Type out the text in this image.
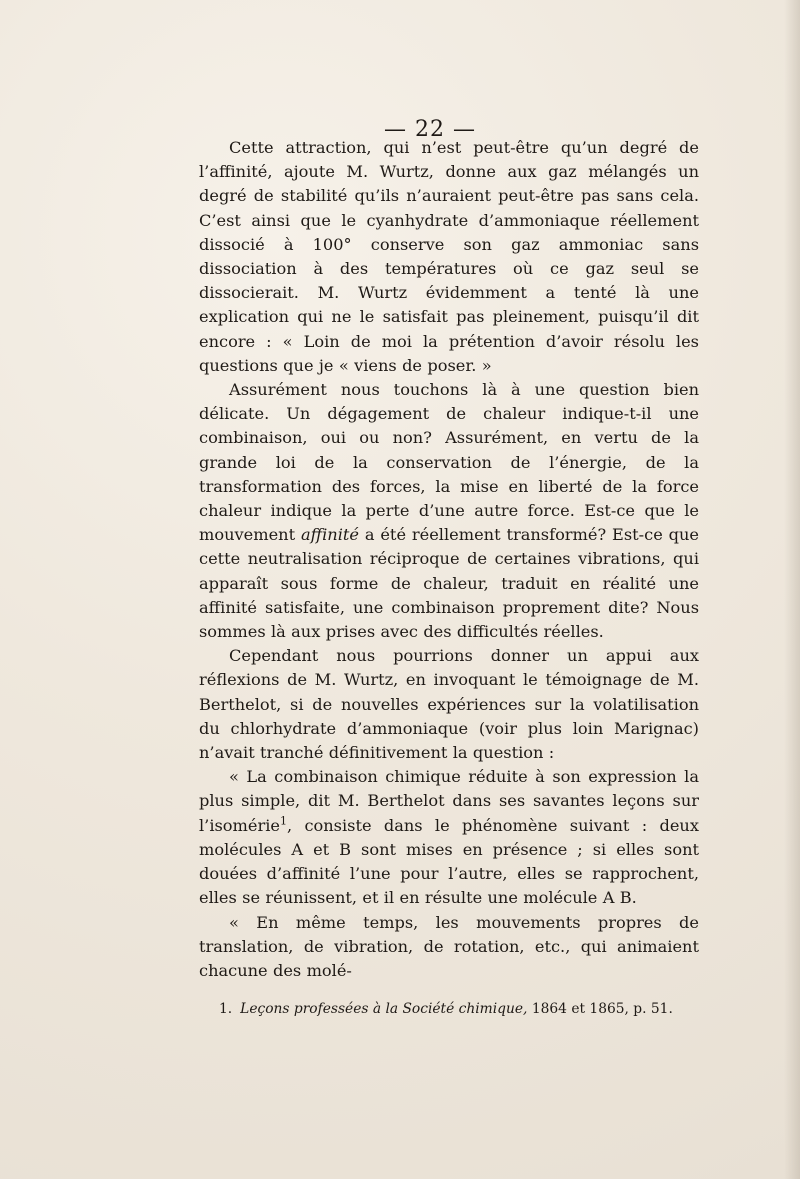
— 22 —

Cette attraction, qui n’est peut-être qu’un degré de l’affinité, ajoute M. Wurtz, donne aux gaz mélangés un degré de stabilité qu’ils n’auraient peut-être pas sans cela. C’est ainsi que le cyanhydrate d’ammoniaque réellement dissocié à 100° conserve son gaz ammoniac sans dissociation à des températures où ce gaz seul se dissocierait. M. Wurtz évidemment a tenté là une explication qui ne le satisfait pas pleinement, puisqu’il dit encore : « Loin de moi la prétention d’avoir résolu les questions que je « viens de poser. »

Assurément nous touchons là à une question bien délicate. Un dégagement de chaleur indique-t-il une combinaison, oui ou non? Assurément, en vertu de la grande loi de la conservation de l’énergie, de la transformation des forces, la mise en liberté de la force chaleur indique la perte d’une autre force. Est-ce que le mouvement affinité a été réellement transformé? Est-ce que cette neutralisation réciproque de certaines vibrations, qui apparaît sous forme de chaleur, traduit en réalité une affinité satisfaite, une combinaison proprement dite? Nous sommes là aux prises avec des difficultés réelles.

Cependant nous pourrions donner un appui aux réflexions de M. Wurtz, en invoquant le témoignage de M. Berthelot, si de nouvelles expériences sur la volatilisation du chlorhydrate d’ammoniaque (voir plus loin Marignac) n’avait tranché définitivement la question :

« La combinaison chimique réduite à son expression la plus simple, dit M. Berthelot dans ses savantes leçons sur l’isomérie$^1$, consiste dans le phénomène suivant : deux molécules A et B sont mises en présence ; si elles sont douées d’affinité l’une pour l’autre, elles se rapprochent, elles se réunissent, et il en résulte une molécule A B.

« En même temps, les mouvements propres de translation, de vibration, de rotation, etc., qui animaient chacune des molé-

1. Leçons professées à la Société chimique, 1864 et 1865, p. 51.
